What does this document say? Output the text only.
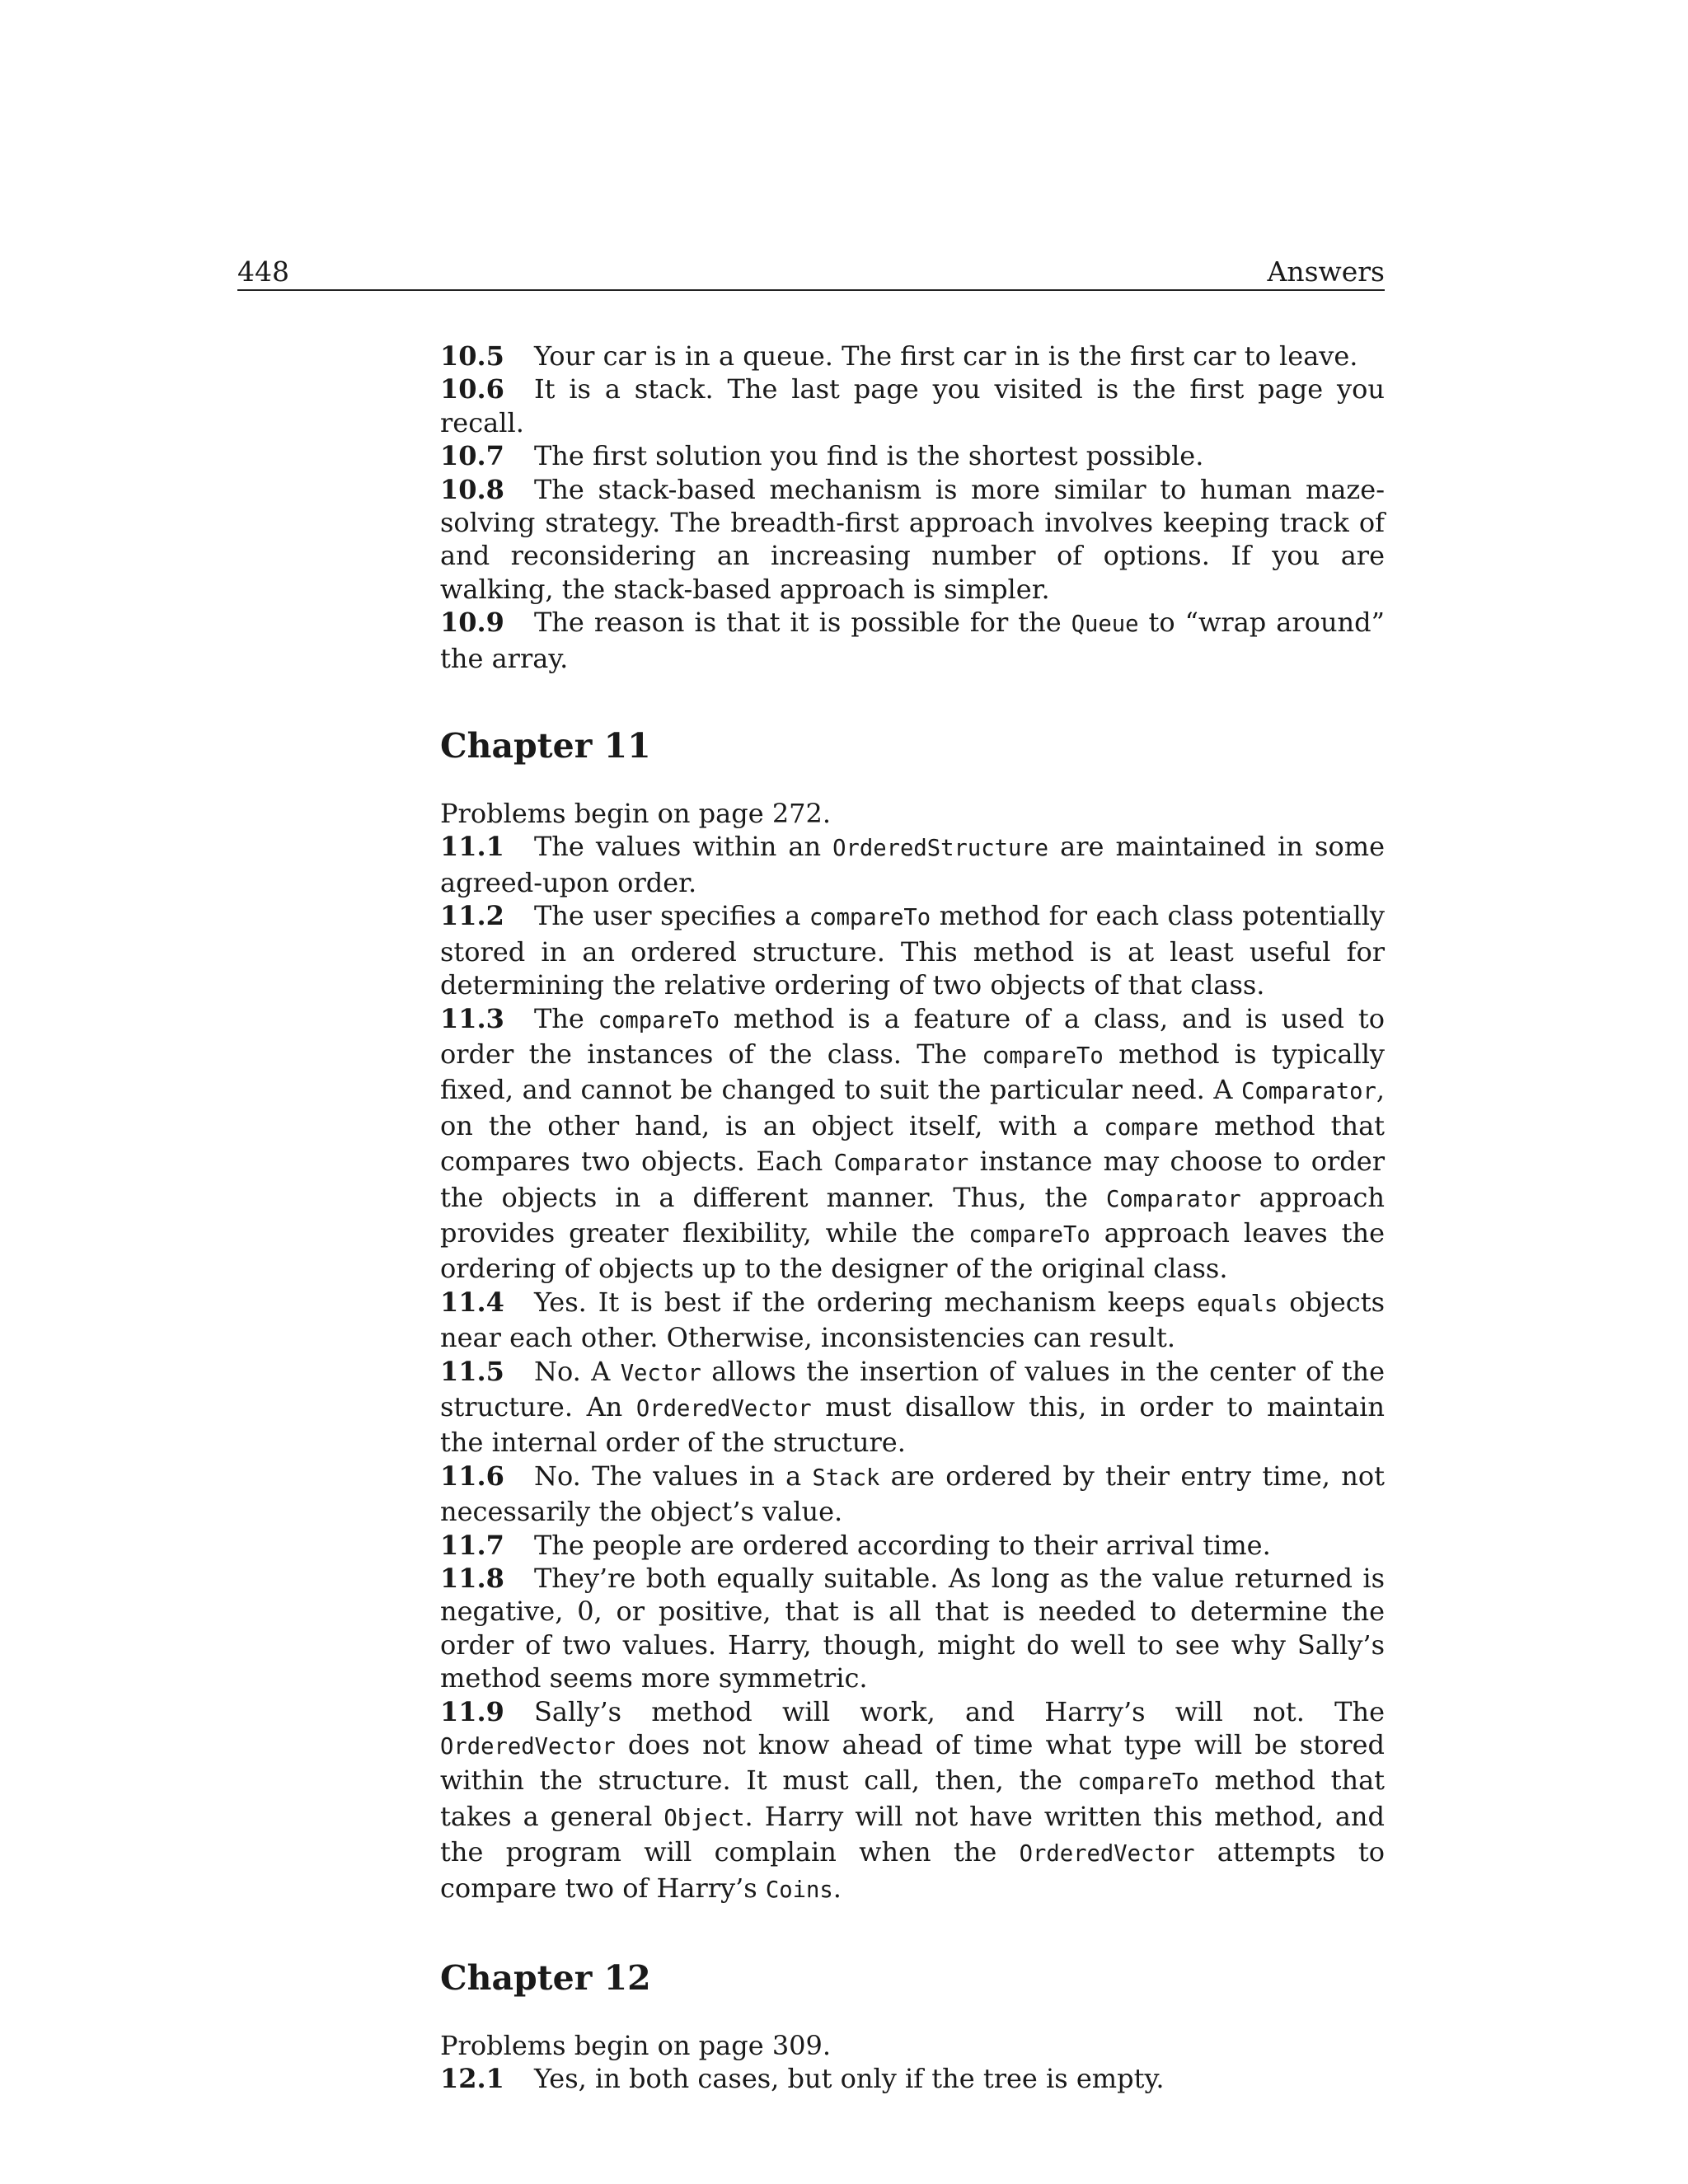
448	Answers

10.5 Your car is in a queue. The first car in is the first car to leave.

10.6 It is a stack. The last page you visited is the first page you recall.

10.7 The first solution you find is the shortest possible.

10.8 The stack-based mechanism is more similar to human maze-solving strategy. The breadth-first approach involves keeping track of and reconsidering an increasing number of options. If you are walking, the stack-based approach is simpler.

10.9 The reason is that it is possible for the Queue to “wrap around” the array.

Chapter 11

Problems begin on page 272.

11.1 The values within an OrderedStructure are maintained in some agreed-upon order.

11.2 The user specifies a compareTo method for each class potentially stored in an ordered structure. This method is at least useful for determining the relative ordering of two objects of that class.

11.3 The compareTo method is a feature of a class, and is used to order the instances of the class. The compareTo method is typically fixed, and cannot be changed to suit the particular need. A Comparator, on the other hand, is an object itself, with a compare method that compares two objects. Each Comparator instance may choose to order the objects in a different manner. Thus, the Comparator approach provides greater flexibility, while the compareTo approach leaves the ordering of objects up to the designer of the original class.

11.4 Yes. It is best if the ordering mechanism keeps equals objects near each other. Otherwise, inconsistencies can result.

11.5 No. A Vector allows the insertion of values in the center of the structure. An OrderedVector must disallow this, in order to maintain the internal order of the structure.

11.6 No. The values in a Stack are ordered by their entry time, not necessarily the object’s value.

11.7 The people are ordered according to their arrival time.

11.8 They’re both equally suitable. As long as the value returned is negative, 0, or positive, that is all that is needed to determine the order of two values. Harry, though, might do well to see why Sally’s method seems more symmetric.

11.9 Sally’s method will work, and Harry’s will not. The OrderedVector does not know ahead of time what type will be stored within the structure. It must call, then, the compareTo method that takes a general Object. Harry will not have written this method, and the program will complain when the OrderedVector attempts to compare two of Harry’s Coins.

Chapter 12

Problems begin on page 309.

12.1 Yes, in both cases, but only if the tree is empty.
